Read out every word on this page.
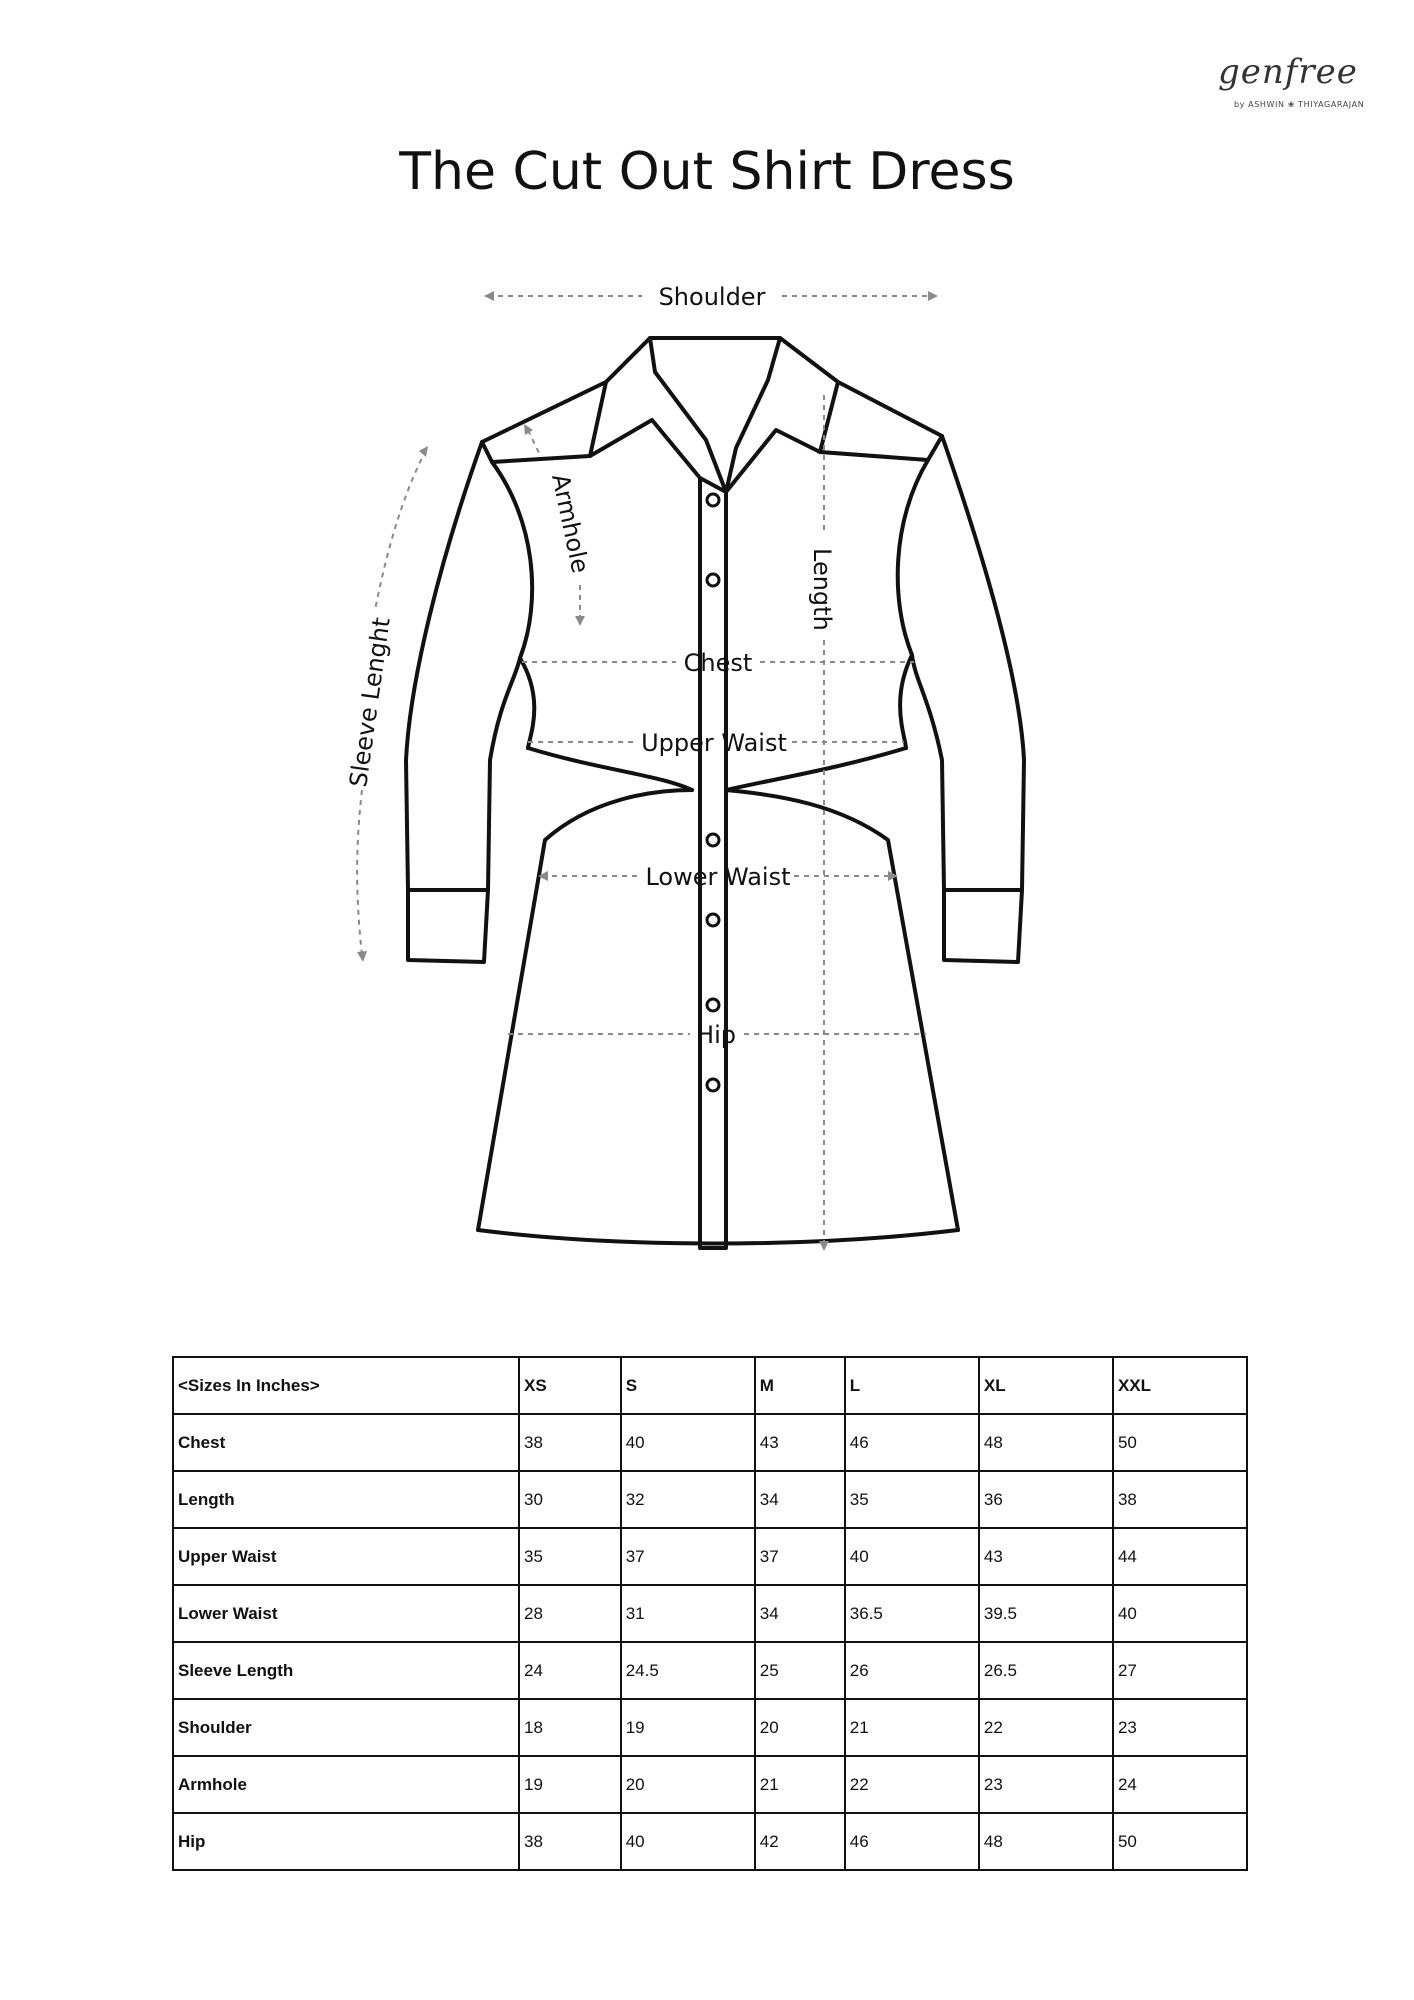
genfree
by ASHWIN ❀ THIYAGARAJAN
The Cut Out Shirt Dress
Shoulder
Armhole
Length
Sleeve Lenght	Chest
Upper Waist
Lower Waist
Hip
<Sizes In Inches>	XS	S	M	L	XL	XXL
Chest	38	40	43	46	48	50
Length	30	32	34	35	36	38
Upper Waist	35	37	37	40	43	44
Lower Waist	28	31	34	36.5	39.5	40
Sleeve Length	24	24.5	25	26	26.5	27
Shoulder	18	19	20	21	22	23
Armhole	19	20	21	22	23	24
Hip	38	40	42	46	48	50
